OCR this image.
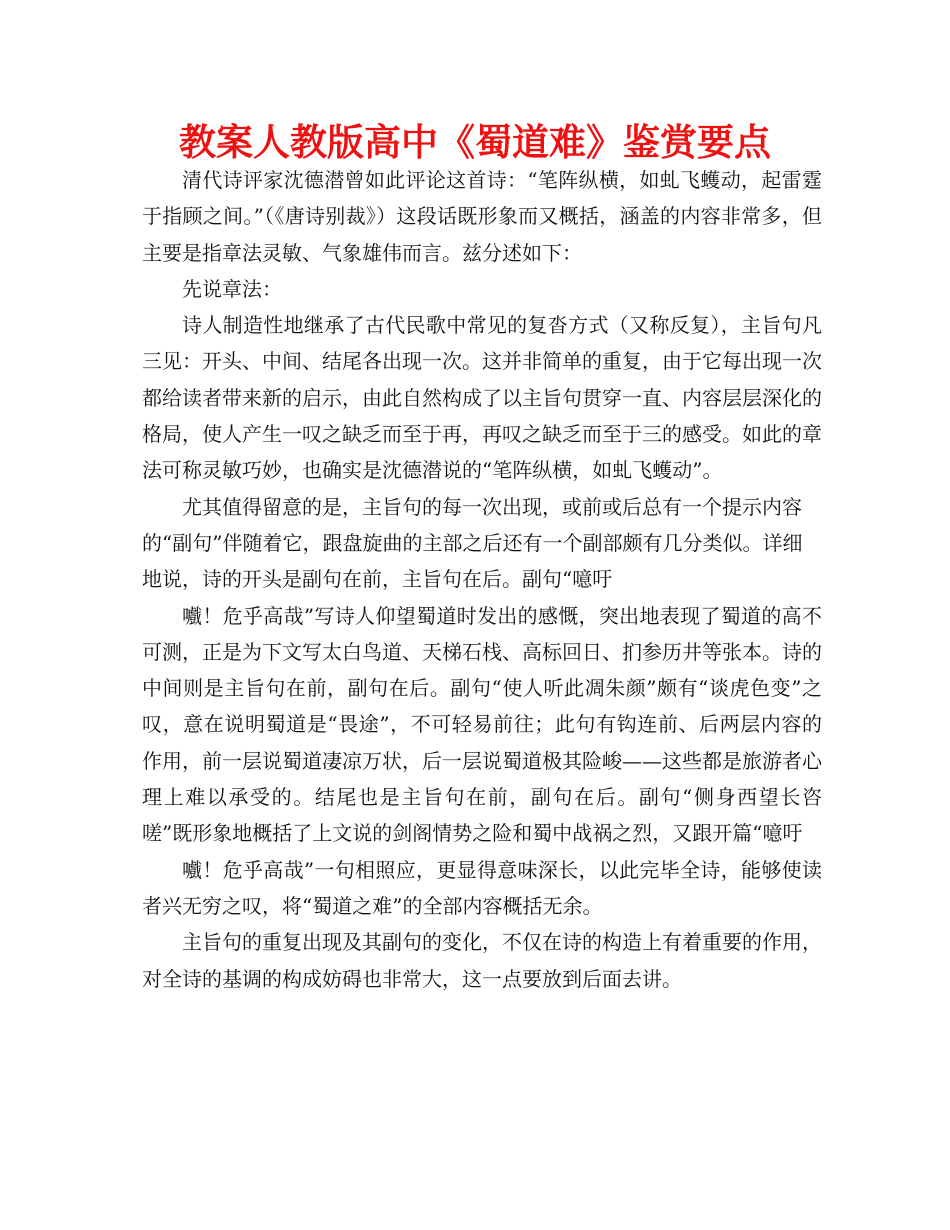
教案人教版高中《蜀道难》鉴赏要点

清代诗评家沈德潜曾如此评论这首诗：“笔阵纵横，如虬飞蠖动，起雷霆于指顾之间。”（《唐诗别裁》）这段话既形象而又概括，涵盖的内容非常多，但主要是指章法灵敏、气象雄伟而言。兹分述如下：

先说章法：

诗人制造性地继承了古代民歌中常见的复沓方式（又称反复），主旨句凡三见：开头、中间、结尾各出现一次。这并非简单的重复，由于它每出现一次都给读者带来新的启示，由此自然构成了以主旨句贯穿一直、内容层层深化的格局，使人产生一叹之缺乏而至于再，再叹之缺乏而至于三的感受。如此的章法可称灵敏巧妙，也确实是沈德潜说的“笔阵纵横，如虬飞蠖动”。

尤其值得留意的是，主旨句的每一次出现，或前或后总有一个提示内容的“副句”伴随着它，跟盘旋曲的主部之后还有一个副部颇有几分类似。详细地说，诗的开头是副句在前，主旨句在后。副句“噫吁

嚱！危乎高哉”写诗人仰望蜀道时发出的感慨，突出地表现了蜀道的高不可测，正是为下文写太白鸟道、天梯石栈、高标回日、扪参历井等张本。诗的中间则是主旨句在前，副句在后。副句“使人听此凋朱颜”颇有“谈虎色变”之叹，意在说明蜀道是“畏途”，不可轻易前往；此句有钩连前、后两层内容的作用，前一层说蜀道凄凉万状，后一层说蜀道极其险峻——这些都是旅游者心理上难以承受的。结尾也是主旨句在前，副句在后。副句“侧身西望长咨嗟”既形象地概括了上文说的剑阁情势之险和蜀中战祸之烈，又跟开篇“噫吁

嚱！危乎高哉”一句相照应，更显得意味深长，以此完毕全诗，能够使读者兴无穷之叹，将“蜀道之难”的全部内容概括无余。

主旨句的重复出现及其副句的变化，不仅在诗的构造上有着重要的作用，对全诗的基调的构成妨碍也非常大，这一点要放到后面去讲。
